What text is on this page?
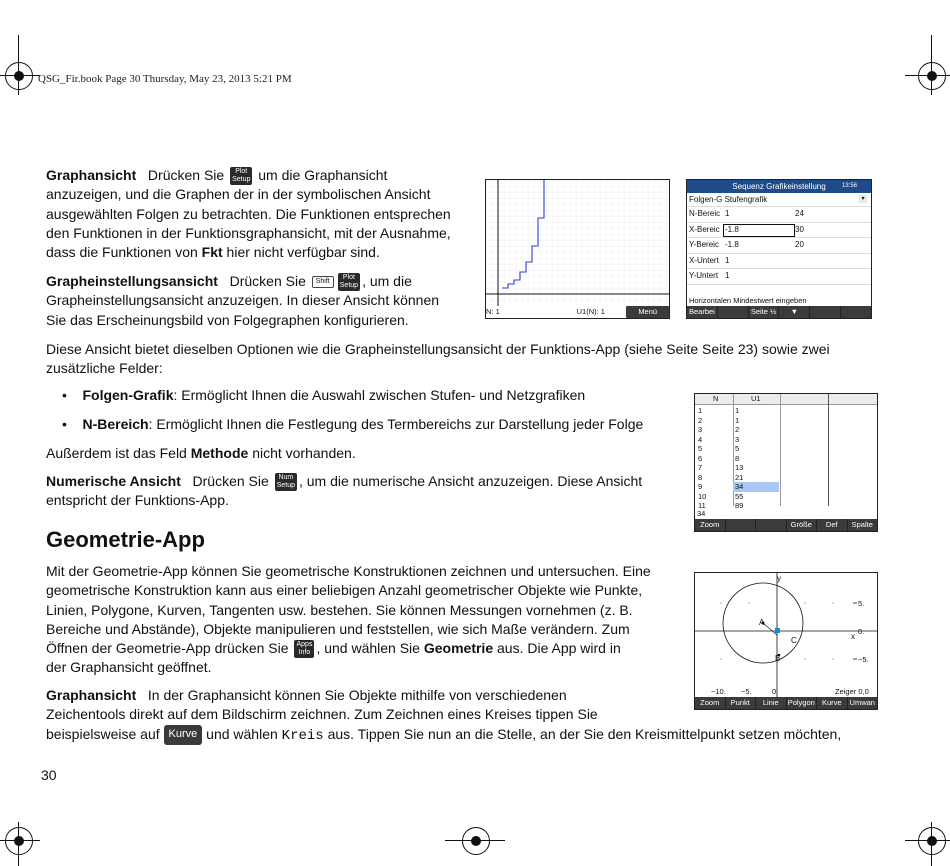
QSG_Fir.book Page 30 Thursday, May 23, 2013 5:21 PM
Graphansicht Drücken Sie Plot
Setup um die Graphansicht
anzuzeigen, und die Graphen der in der symbolischen Ansicht
ausgewählten Folgen zu betrachten. Die Funktionen entsprechen
den Funktionen in der Funktionsgraphansicht, mit der Ausnahme,
dass die Funktionen von Fkt hier nicht verfügbar sind.
Grapheinstellungsansicht Drücken Sie ShiftPlot
Setup , um die
Grapheinstellungsansicht anzuzeigen. In dieser Ansicht können
Sie das Erscheinungsbild von Folgegraphen konfigurieren.
N: 1	U1(N): 1	Menü
Sequenz Grafikeinstellung	13:56
Folgen-G Stufengrafik	▾
N-Bereic 1	24
X-Bereic -1.8	30
Y-Bereic -1.8	20
X-Untert 1
Y-Untert 1
Horizontalen Mindestwert eingeben
Bearbei	Seite ½	▼
Diese Ansicht bietet dieselben Optionen wie die Grapheinstellungsansicht der Funktions-App (siehe Seite Seite 23) sowie zwei
zusätzliche Felder:
•    Folgen-Grafik: Ermöglicht Ihnen die Auswahl zwischen Stufen- und Netzgrafiken
•    N-Bereich: Ermöglicht Ihnen die Festlegung des Termbereichs zur Darstellung jeder Folge
Außerdem ist das Feld Methode nicht vorhanden.
Numerische Ansicht Drücken Sie Num
Setup , um die numerische Ansicht anzuzeigen. Diese Ansicht
entspricht der Funktions-App.
N	U1
1	1
2	1
3	2
4	3
5	5
6	8
7	13
8	21
9	34
10	55
11	89
34
Zoom	Größe	Def	Spalte
Geometrie-App
Mit der Geometrie-App können Sie geometrische Konstruktionen zeichnen und untersuchen. Eine
geometrische Konstruktion kann aus einer beliebigen Anzahl geometrischer Objekte wie Punkte,
Linien, Polygone, Kurven, Tangenten usw. bestehen. Sie können Messungen vornehmen (z. B.
Bereiche und Abstände), Objekte manipulieren und feststellen, wie sich Maße verändern. Zum
Öffnen der Geometrie-App drücken Sie Apps
Info , und wählen Sie Geometrie aus. Die App wird in
der Graphansicht geöffnet.
Graphansicht In der Graphansicht können Sie Objekte mithilfe von verschiedenen
Zeichentools direkt auf dem Bildschirm zeichnen. Zum Zeichnen eines Kreises tippen Sie
beispielsweise auf Kurve und wählen Kreis aus. Tippen Sie nun an die Stelle, an der Sie den Kreismittelpunkt setzen möchten,
A
B
C
y
x
5.
0.
−5.
−10. −5.	0.	Zeiger 0,0
Zoom	Punkt	Linie	Polygon Kurve	Umwan
30
